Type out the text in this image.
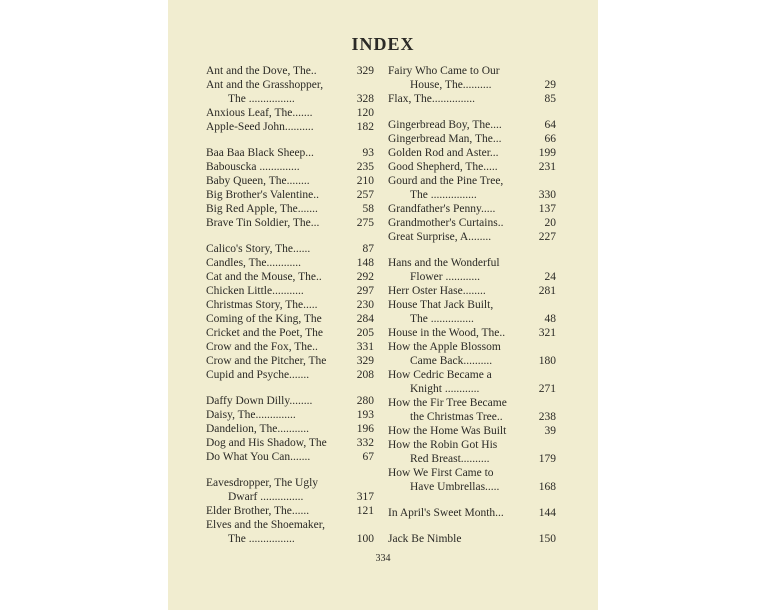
INDEX
Ant and the Dove, The..	329
Ant and the Grasshopper,
The ................	328
Anxious Leaf, The.......	120
Apple-Seed John..........	182
Baa Baa Black Sheep...	93
Babouscka ..............	235
Baby Queen, The........	210
Big Brother's Valentine..	257
Big Red Apple, The.......	58
Brave Tin Soldier, The...	275
Calico's Story, The......	87
Candles, The............	148
Cat and the Mouse, The..	292
Chicken Little...........	297
Christmas Story, The.....	230
Coming of the King, The	284
Cricket and the Poet, The	205
Crow and the Fox, The..	331
Crow and the Pitcher, The	329
Cupid and Psyche.......	208
Daffy Down Dilly........	280
Daisy, The..............	193
Dandelion, The...........	196
Dog and His Shadow, The	332
Do What You Can.......	67
Eavesdropper, The Ugly
Dwarf ...............	317
Elder Brother, The......	121
Elves and the Shoemaker,
The ................	100
Fairy Who Came to Our
House, The..........	29
Flax, The...............	85
Gingerbread Boy, The....	64
Gingerbread Man, The...	66
Golden Rod and Aster...	199
Good Shepherd, The.....	231
Gourd and the Pine Tree,
The ................	330
Grandfather's Penny.....	137
Grandmother's Curtains..	20
Great Surprise, A........	227
Hans and the Wonderful
Flower ............	24
Herr Oster Hase........	281
House That Jack Built,
The ...............	48
House in the Wood, The..	321
How the Apple Blossom
Came Back..........	180
How Cedric Became a
Knight ............	271
How the Fir Tree Became
the Christmas Tree..	238
How the Home Was Built	39
How the Robin Got His
Red Breast..........	179
How We First Came to
Have Umbrellas.....	168
In April's Sweet Month...	144
Jack Be Nimble	150
334
